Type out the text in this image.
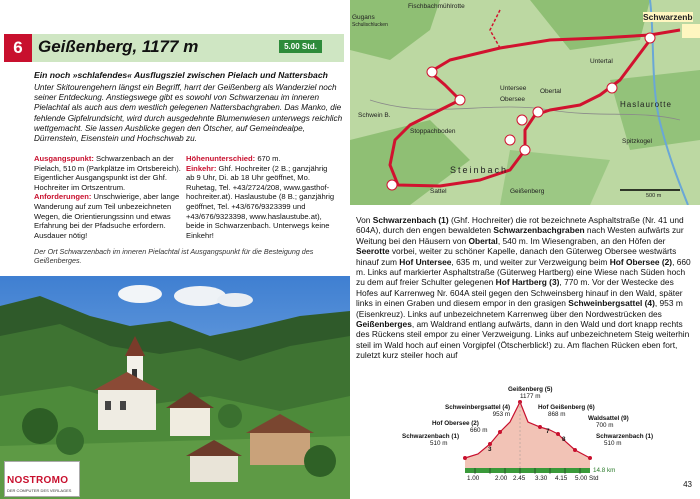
6 Geißenberg, 1177 m	5.00 Std.
Ein noch »schlafendes« Ausflugsziel zwischen Pielach und Nattersbach
Unter Skitourengehern längst ein Begriff, harrt der Geißenberg als Wanderziel noch seiner Entdeckung. Anstiegswege gibt es sowohl von Schwarzenau im inneren Pielachtal als auch aus dem westlich gelegenen Nattersbachgraben. Das Manko, die fehlende Gipfelrundsicht, wird durch ausgedehnte Blumenwiesen unterwegs reichlich wettgemacht. Sie lassen Ausblicke gegen den Ötscher, auf Gemeindealpe, Dürrenstein, Eisenstein und Hochschwab zu.
Ausgangspunkt: Schwarzenbach an der Pielach, 510 m (Parkplätze im Ortsbereich). Eigentlicher Ausgangspunkt ist der Ghf. Hochreiter im Ortszentrum.
Anforderungen: Unschwierige, aber lange Wanderung auf zum Teil unbezeichneten Wegen, die Orientierungssinn und etwas Erfahrung bei der Pfadsuche erfordern. Ausdauer nötig!
Höhenunterschied: 670 m.
Einkehr: Ghf. Hochreiter (2 B.; ganzjährig ab 9 Uhr, Di. ab 18 Uhr geöffnet, Mo. Ruhetag, Tel. +43/2724/208, www.gasthof-hochreiter.at). Haslaustube (8 B.; ganzjährig geöffnet, Tel. +43/676/9323399 und +43/676/9323398, www.haslaustube.at), beide in Schwarzenbach. Unterwegs keine Einkehr!
Der Ort Schwarzenbach im inneren Pielachtal ist Ausgangspunkt für die Besteigung des Geißenberges.
NOSTROMO
DER COMPUTER DES VERLAGES
Fischbachmühlrotte
Gugans
Schulischlucken
Schwarzenb
Untertal
Obertal
Untersee
Obersee
Haslaurotte
Schwein B.
Stoppachboden
Spitzkogel
Steinbach
Geißenberg
Sattel
500 m
Von Schwarzenbach (1) (Ghf. Hochreiter) die rot bezeichnete Asphaltstraße (Nr. 41 und 604A), durch den engen bewaldeten Schwarzenbachgraben nach Westen aufwärts zur Weitung bei den Häusern von Obertal, 540 m. Im Wiesengraben, an den Höfen der Seerotte vorbei, weiter zu schöner Kapelle, danach den Güterweg Obersee westwärts hinauf zum Hof Untersee, 635 m, und weiter zur Verzweigung beim Hof Obersee (2), 660 m. Links auf markierter Asphaltstraße (Güterweg Hartberg) eine Wiese nach Süden hoch zu dem auf freier Schulter gelegenen Hof Hartberg (3), 770 m. Vor der Westecke des Hofes auf Karrenweg Nr. 604A steil gegen den Schweinsberg hinauf in den Wald, später links in einen Graben und diesem empor in den grasigen Schweinbergsattel (4), 953 m (Eisenkreuz). Links auf unbezeichnetem Karrenweg über den Nordwestrücken des Geißenberges, am Waldrand entlang aufwärts, dann in den Wald und dort knapp rechts des Rückens steil empor zu einer Verzweigung. Links auf unbezeichnetem Steig weiterhin steil im Wald hoch auf einen Vorgipfel (Ötscherblick!) zu. Am flachen Rücken eben fort, zuletzt kurz steiler hoch auf
Geißenberg (5)
1177 m
Schweinbergsattel (4)
953 m
Hof Geißenberg (6)
868 m
Waldsattel (9)
700 m
Hof Obersee (2)
660 m
Schwarzenbach (1)
510 m
Schwarzenbach (1)
510 m
3
7
8
1.00 2.00 2.45 3.30 4.15 5.00 Std
14.8 km
43
